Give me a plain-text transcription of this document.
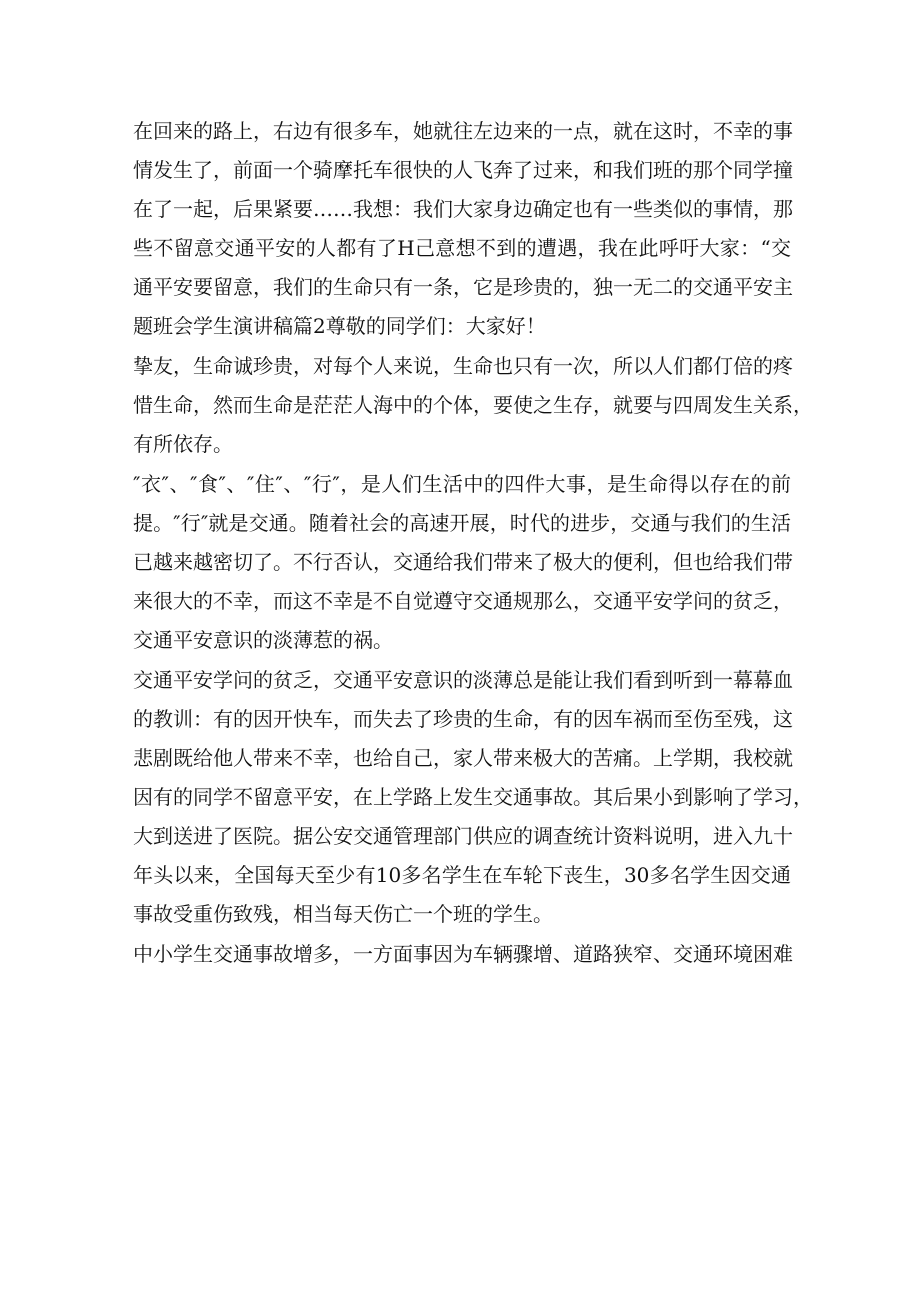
在回来的路上，右边有很多车，她就往左边来的一点，就在这时，不幸的事
情发生了，前面一个骑摩托车很快的人飞奔了过来，和我们班的那个同学撞
在了一起，后果紧要……我想：我们大家身边确定也有一些类似的事情，那
些不留意交通平安的人都有了H己意想不到的遭遇，我在此呼吁大家：“交
通平安要留意，我们的生命只有一条，它是珍贵的，独一无二的交通平安主
题班会学生演讲稿篇2尊敬的同学们：大家好！
挚友，生命诚珍贵，对每个人来说，生命也只有一次，所以人们都仃倍的疼
惜生命，然而生命是茫茫人海中的个体，要使之生存，就要与四周发生关系，
有所依存。
″衣″、″食″、″住″、″行″，是人们生活中的四件大事，是生命得以存在的前
提。″行″就是交通。随着社会的高速开展，时代的进步，交通与我们的生活
已越来越密切了。不行否认，交通给我们带来了极大的便利，但也给我们带
来很大的不幸，而这不幸是不自觉遵守交通规那么，交通平安学问的贫乏，
交通平安意识的淡薄惹的祸。
交通平安学问的贫乏，交通平安意识的淡薄总是能让我们看到听到一幕幕血
的教训：有的因开快车，而失去了珍贵的生命，有的因车祸而至伤至残，这
悲剧既给他人带来不幸，也给自己，家人带来极大的苦痛。上学期，我校就
因有的同学不留意平安，在上学路上发生交通事故。其后果小到影响了学习，
大到送进了医院。据公安交通管理部门供应的调查统计资料说明，进入九十
年头以来，全国每天至少有10多名学生在车轮下丧生，30多名学生因交通
事故受重伤致残，相当每天伤亡一个班的学生。
中小学生交通事故增多，一方面事因为车辆骤增、道路狭窄、交通环境困难
